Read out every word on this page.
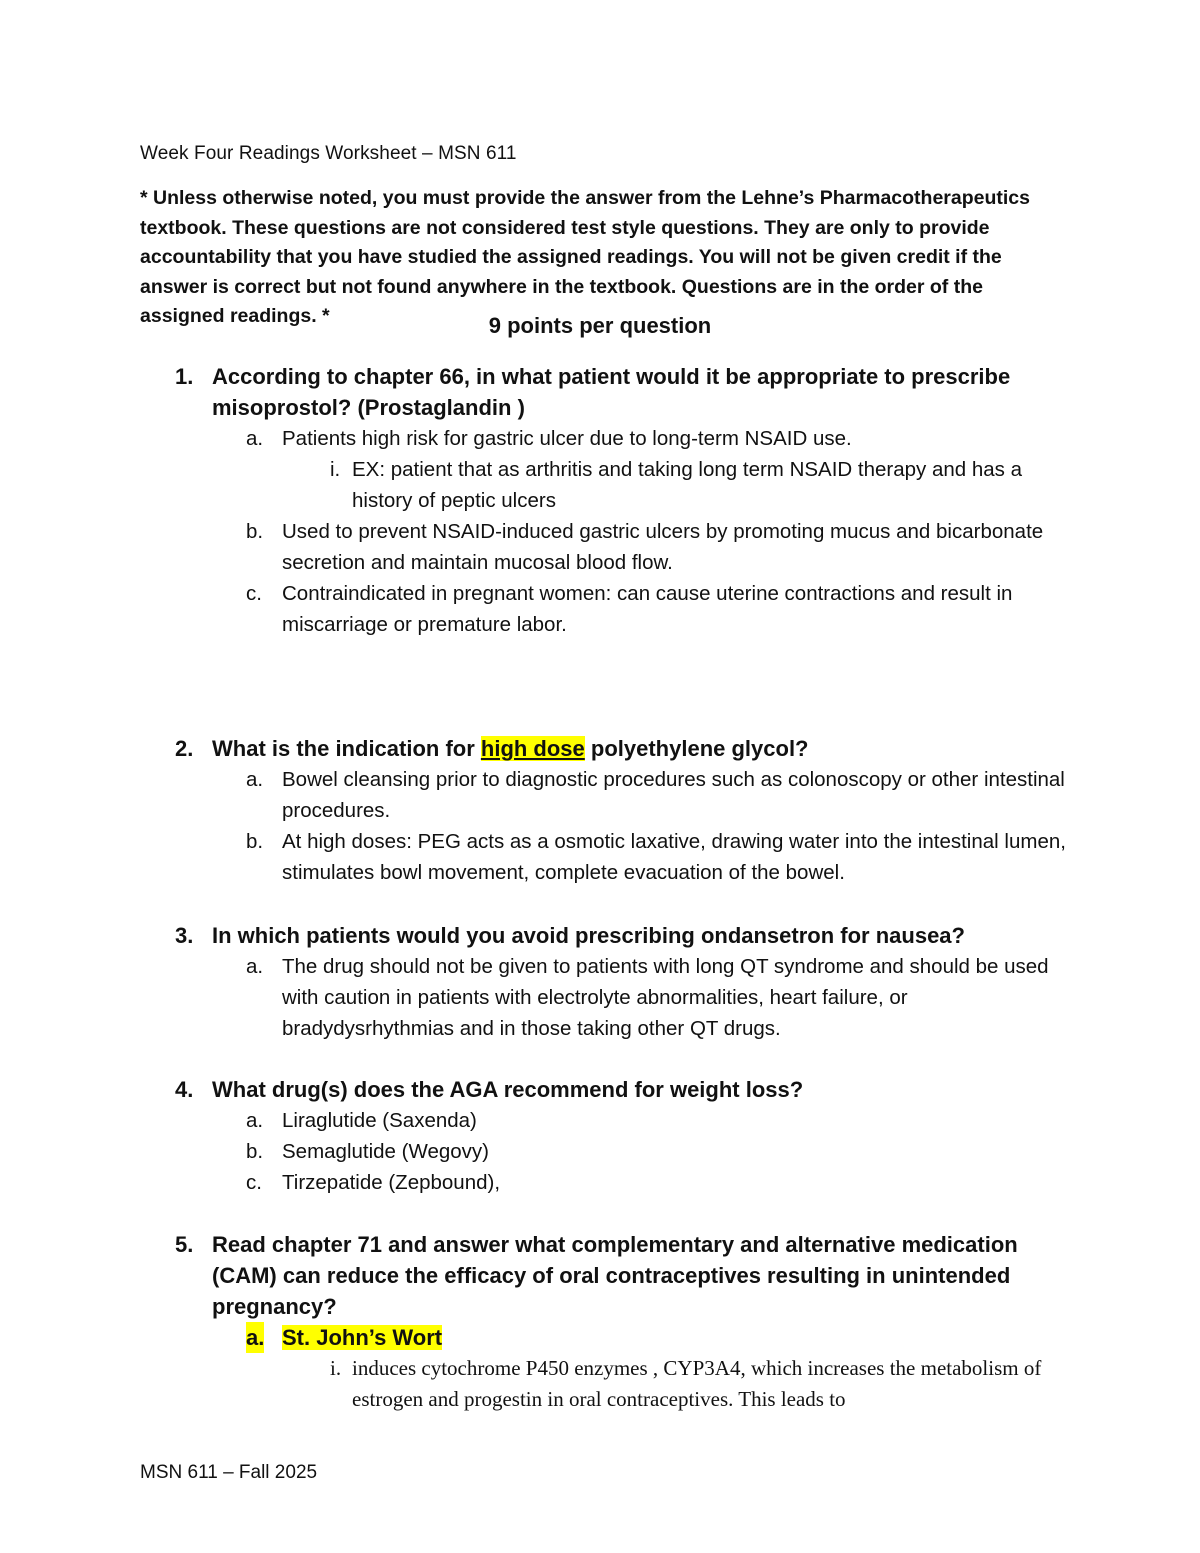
Week Four Readings Worksheet – MSN 611
* Unless otherwise noted, you must provide the answer from the Lehne’s Pharmacotherapeutics textbook. These questions are not considered test style questions. They are only to provide accountability that you have studied the assigned readings. You will not be given credit if the answer is correct but not found anywhere in the textbook. Questions are in the order of the assigned readings. *	9 points per question
1. According to chapter 66, in what patient would it be appropriate to prescribe misoprostol? (Prostaglandin )
a. Patients high risk for gastric ulcer due to long-term NSAID use.
i. EX: patient that as arthritis and taking long term NSAID therapy and has a history of peptic ulcers
b. Used to prevent NSAID-induced gastric ulcers by promoting mucus and bicarbonate secretion and maintain mucosal blood flow.
c. Contraindicated in pregnant women: can cause uterine contractions and result in miscarriage or premature labor.
2. What is the indication for high dose polyethylene glycol?
a. Bowel cleansing prior to diagnostic procedures such as colonoscopy or other intestinal procedures.
b. At high doses: PEG acts as a osmotic laxative, drawing water into the intestinal lumen, stimulates bowl movement, complete evacuation of the bowel.
3. In which patients would you avoid prescribing ondansetron for nausea?
a. The drug should not be given to patients with long QT syndrome and should be used with caution in patients with electrolyte abnormalities, heart failure, or bradydysrhythmias and in those taking other QT drugs.
4. What drug(s) does the AGA recommend for weight loss?
a. Liraglutide (Saxenda)
b. Semaglutide (Wegovy)
c. Tirzepatide (Zepbound),
5. Read chapter 71 and answer what complementary and alternative medication (CAM) can reduce the efficacy of oral contraceptives resulting in unintended pregnancy?
a. St. John’s Wort
i. induces cytochrome P450 enzymes , CYP3A4, which increases the metabolism of estrogen and progestin in oral contraceptives. This leads to
MSN 611 – Fall 2025
